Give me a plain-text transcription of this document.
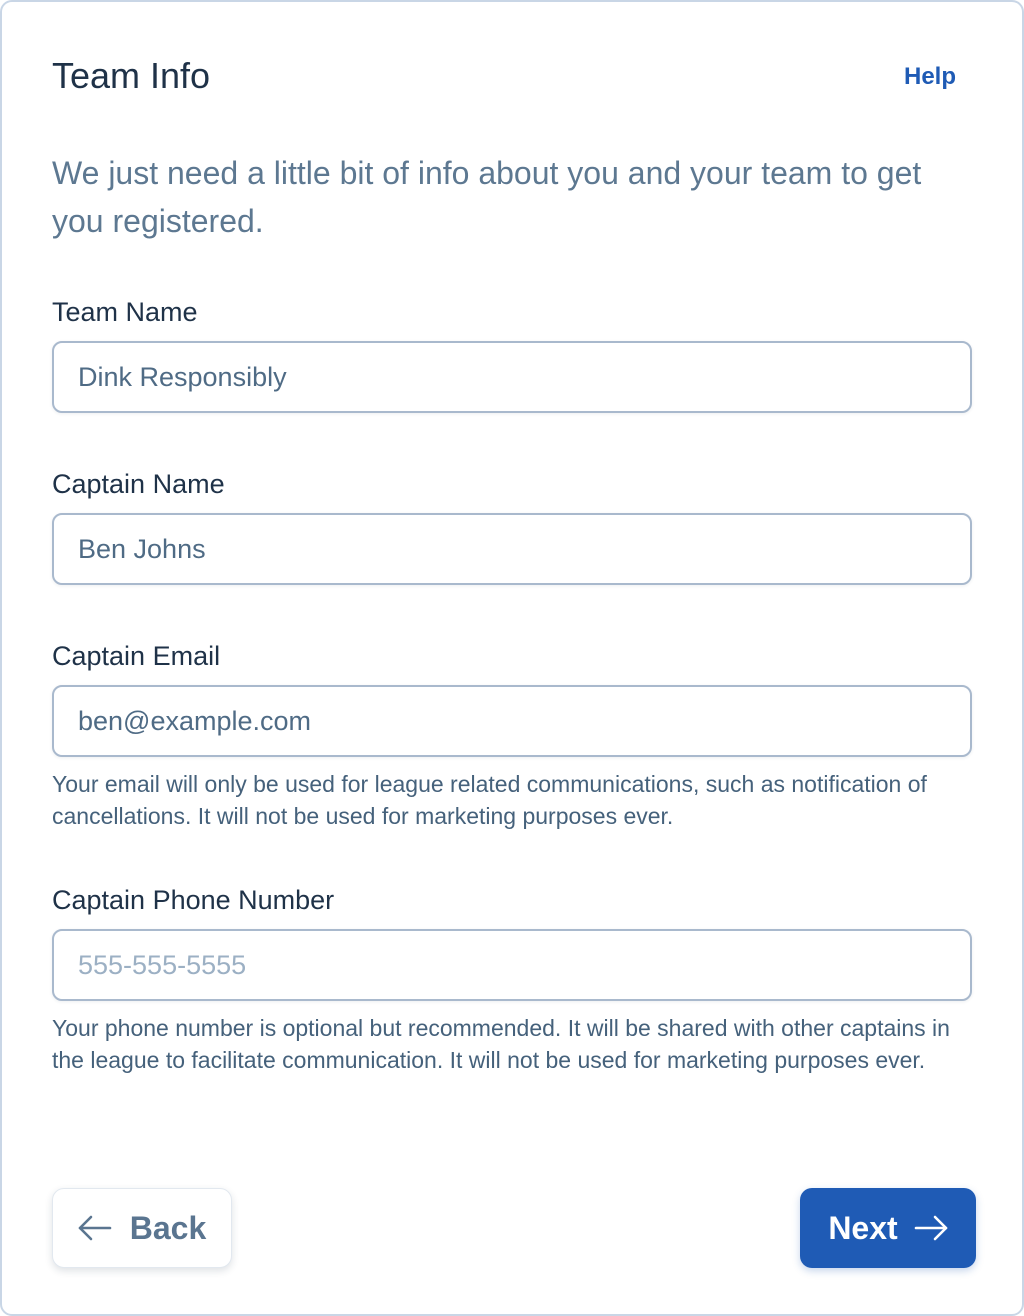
Team Info	Help

We just need a little bit of info about you and your team to get you registered.

Team Name
Dink Responsibly
Captain Name
Ben Johns
Captain Email
ben@example.com

Your email will only be used for league related communications, such as notification of cancellations. It will not be used for marketing purposes ever.

Captain Phone Number
555-555-5555

Your phone number is optional but recommended. It will be shared with other captains in the league to facilitate communication. It will not be used for marketing purposes ever.

Back	Next
